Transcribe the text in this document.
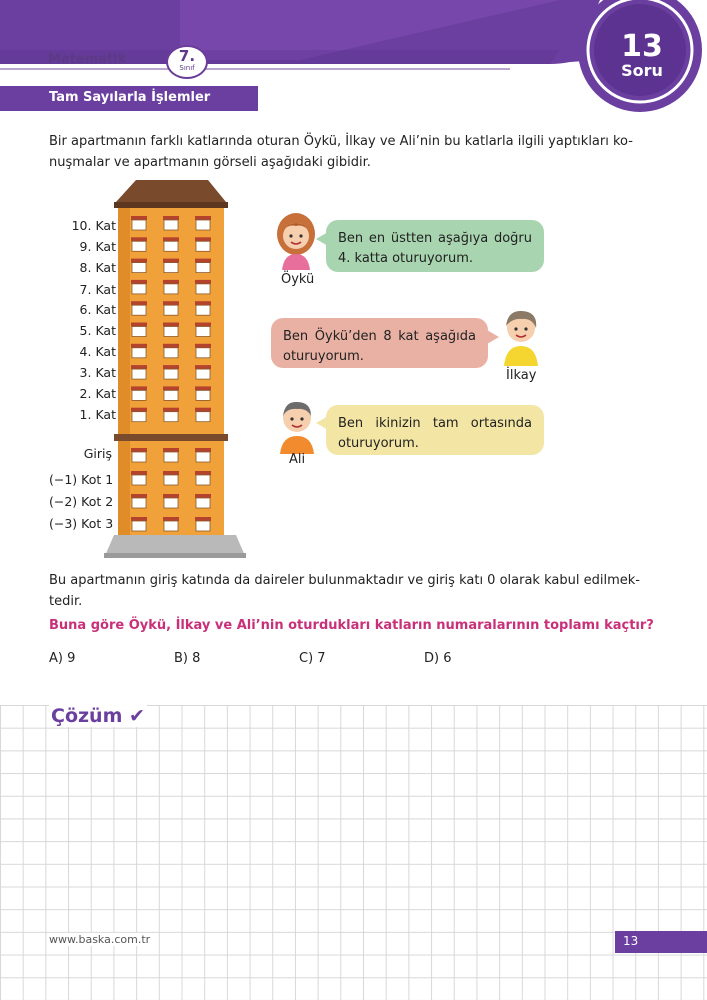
Matematik	7.
Sınıf
13
Soru
Tam Sayılarla İşlemler
Bir apartmanın farklı katlarında oturan Öykü, İlkay ve Ali’nin bu katlarla ilgili yaptıkları ko-
nuşmalar ve apartmanın görseli aşağıdaki gibidir.
10. Kat
9. Kat
8. Kat
7. Kat
6. Kat
5. Kat
4. Kat
3. Kat
2. Kat
1. Kat
Giriş
(−1) Kot 1
(−2) Kot 2
(−3) Kot 3
Öykü
Ben en üstten aşağıya doğru 4. katta oturuyorum.
Ben Öykü’den 8 kat aşağıda oturuyorum.
İlkay
Ali
Ben ikinizin tam ortasında oturuyorum.
Bu apartmanın giriş katında da daireler bulunmaktadır ve giriş katı 0 olarak kabul edilmek-
tedir.
Buna göre Öykü, İlkay ve Ali’nin oturdukları katların numaralarının toplamı kaçtır?
A) 9	B) 8	C) 7	D) 6
Çözüm ✔
www.baska.com.tr	13
